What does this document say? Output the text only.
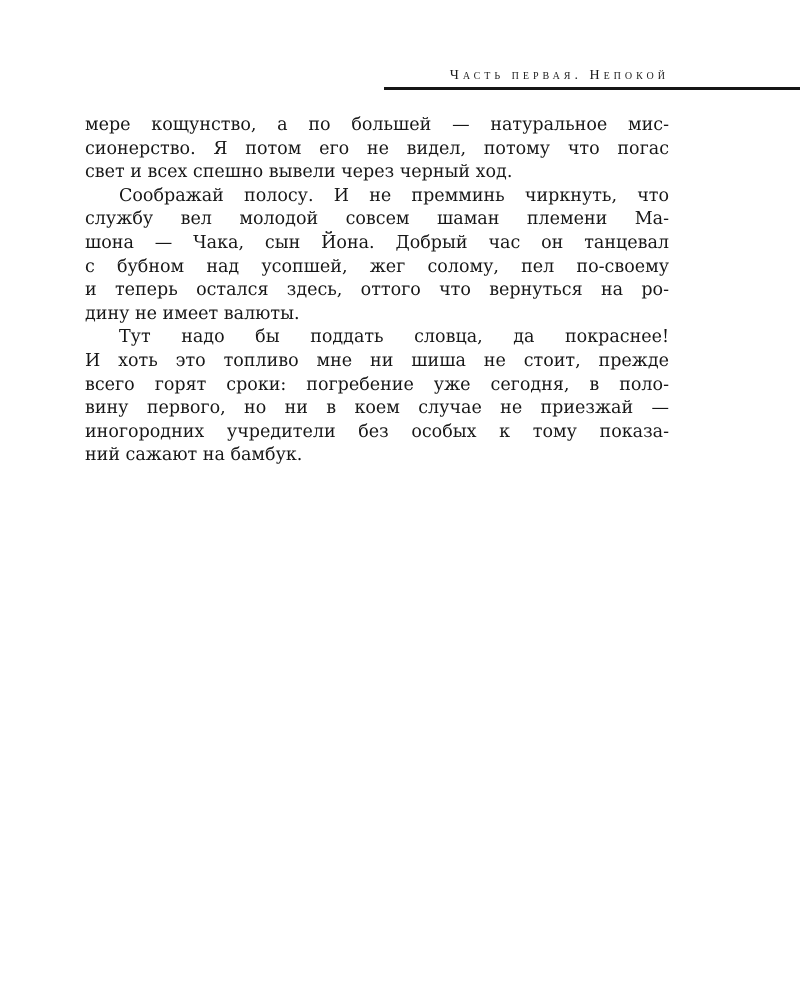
Часть первая. Непокой
мере кощунство, а по большей — натуральное мис-
сионерство. Я потом его не видел, потому что погас
свет и всех спешно вывели через черный ход.
Соображай полосу. И не премминь чиркнуть, что
службу вел молодой совсем шаман племени Ма-
шона — Чака, сын Йона. Добрый час он танцевал
с бубном над усопшей, жег солому, пел по-своему
и теперь остался здесь, оттого что вернуться на ро-
дину не имеет валюты.
Тут надо бы поддать словца, да покраснее!
И хоть это топливо мне ни шиша не стоит, прежде
всего горят сроки: погребение уже сегодня, в поло-
вину первого, но ни в коем случае не приезжай —
иногородних учредители без особых к тому показа-
ний сажают на бамбук.
